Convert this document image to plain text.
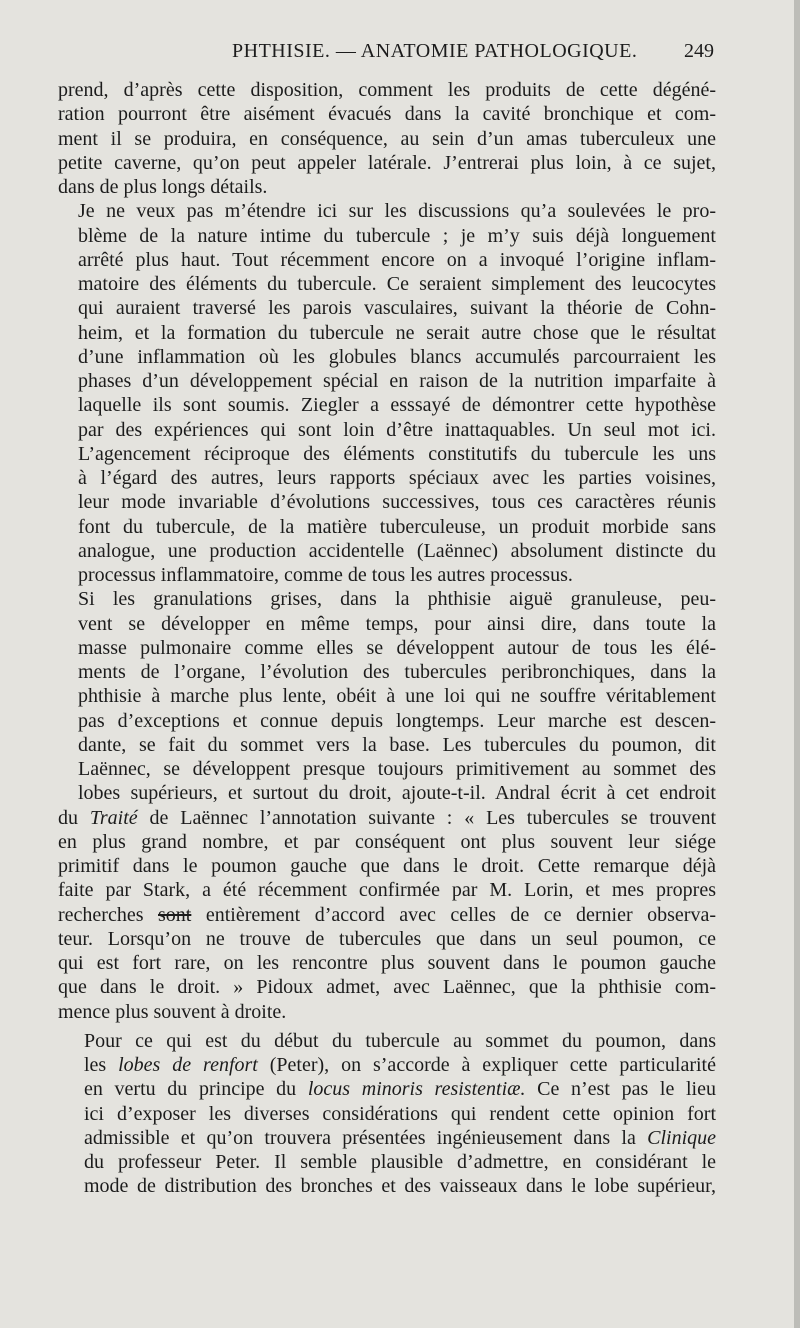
PHTHISIE. — ANATOMIE PATHOLOGIQUE. 249

prend, d’après cette disposition, comment les produits de cette dégéné-
ration pourront être aisément évacués dans la cavité bronchique et com-
ment il se produira, en conséquence, au sein d’un amas tuberculeux une
petite caverne, qu’on peut appeler latérale. J’entrerai plus loin, à ce sujet,
dans de plus longs détails.

Je ne veux pas m’étendre ici sur les discussions qu’a soulevées le pro-
blème de la nature intime du tubercule ; je m’y suis déjà longuement
arrêté plus haut. Tout récemment encore on a invoqué l’origine inflam-
matoire des éléments du tubercule. Ce seraient simplement des leucocytes
qui auraient traversé les parois vasculaires, suivant la théorie de Cohn-
heim, et la formation du tubercule ne serait autre chose que le résultat
d’une inflammation où les globules blancs accumulés parcourraient les
phases d’un développement spécial en raison de la nutrition imparfaite à
laquelle ils sont soumis. Ziegler a esssayé de démontrer cette hypothèse
par des expériences qui sont loin d’être inattaquables. Un seul mot ici.
L’agencement réciproque des éléments constitutifs du tubercule les uns
à l’égard des autres, leurs rapports spéciaux avec les parties voisines,
leur mode invariable d’évolutions successives, tous ces caractères réunis
font du tubercule, de la matière tuberculeuse, un produit morbide sans
analogue, une production accidentelle (Laënnec) absolument distincte du
processus inflammatoire, comme de tous les autres processus.

Si les granulations grises, dans la phthisie aiguë granuleuse, peu-
vent se développer en même temps, pour ainsi dire, dans toute la
masse pulmonaire comme elles se développent autour de tous les élé-
ments de l’organe, l’évolution des tubercules peribronchiques, dans la
phthisie à marche plus lente, obéit à une loi qui ne souffre véritablement
pas d’exceptions et connue depuis longtemps. Leur marche est descen-
dante, se fait du sommet vers la base. Les tubercules du poumon, dit
Laënnec, se développent presque toujours primitivement au sommet des
lobes supérieurs, et surtout du droit, ajoute-t-il. Andral écrit à cet endroit

du Traité de Laënnec l’annotation suivante : « Les tubercules se trouvent
en plus grand nombre, et par conséquent ont plus souvent leur siége
primitif dans le poumon gauche que dans le droit. Cette remarque déjà
faite par Stark, a été récemment confirmée par M. Lorin, et mes propres
recherches sont entièrement d’accord avec celles de ce dernier observa-
teur. Lorsqu’on ne trouve de tubercules que dans un seul poumon, ce
qui est fort rare, on les rencontre plus souvent dans le poumon gauche
que dans le droit. » Pidoux admet, avec Laënnec, que la phthisie com-
mence plus souvent à droite.

Pour ce qui est du début du tubercule au sommet du poumon, dans
les lobes de renfort (Peter), on s’accorde à expliquer cette particularité
en vertu du principe du locus minoris resistentiæ. Ce n’est pas le lieu
ici d’exposer les diverses considérations qui rendent cette opinion fort
admissible et qu’on trouvera présentées ingénieusement dans la Clinique
du professeur Peter. Il semble plausible d’admettre, en considérant le
mode de distribution des bronches et des vaisseaux dans le lobe supérieur,
